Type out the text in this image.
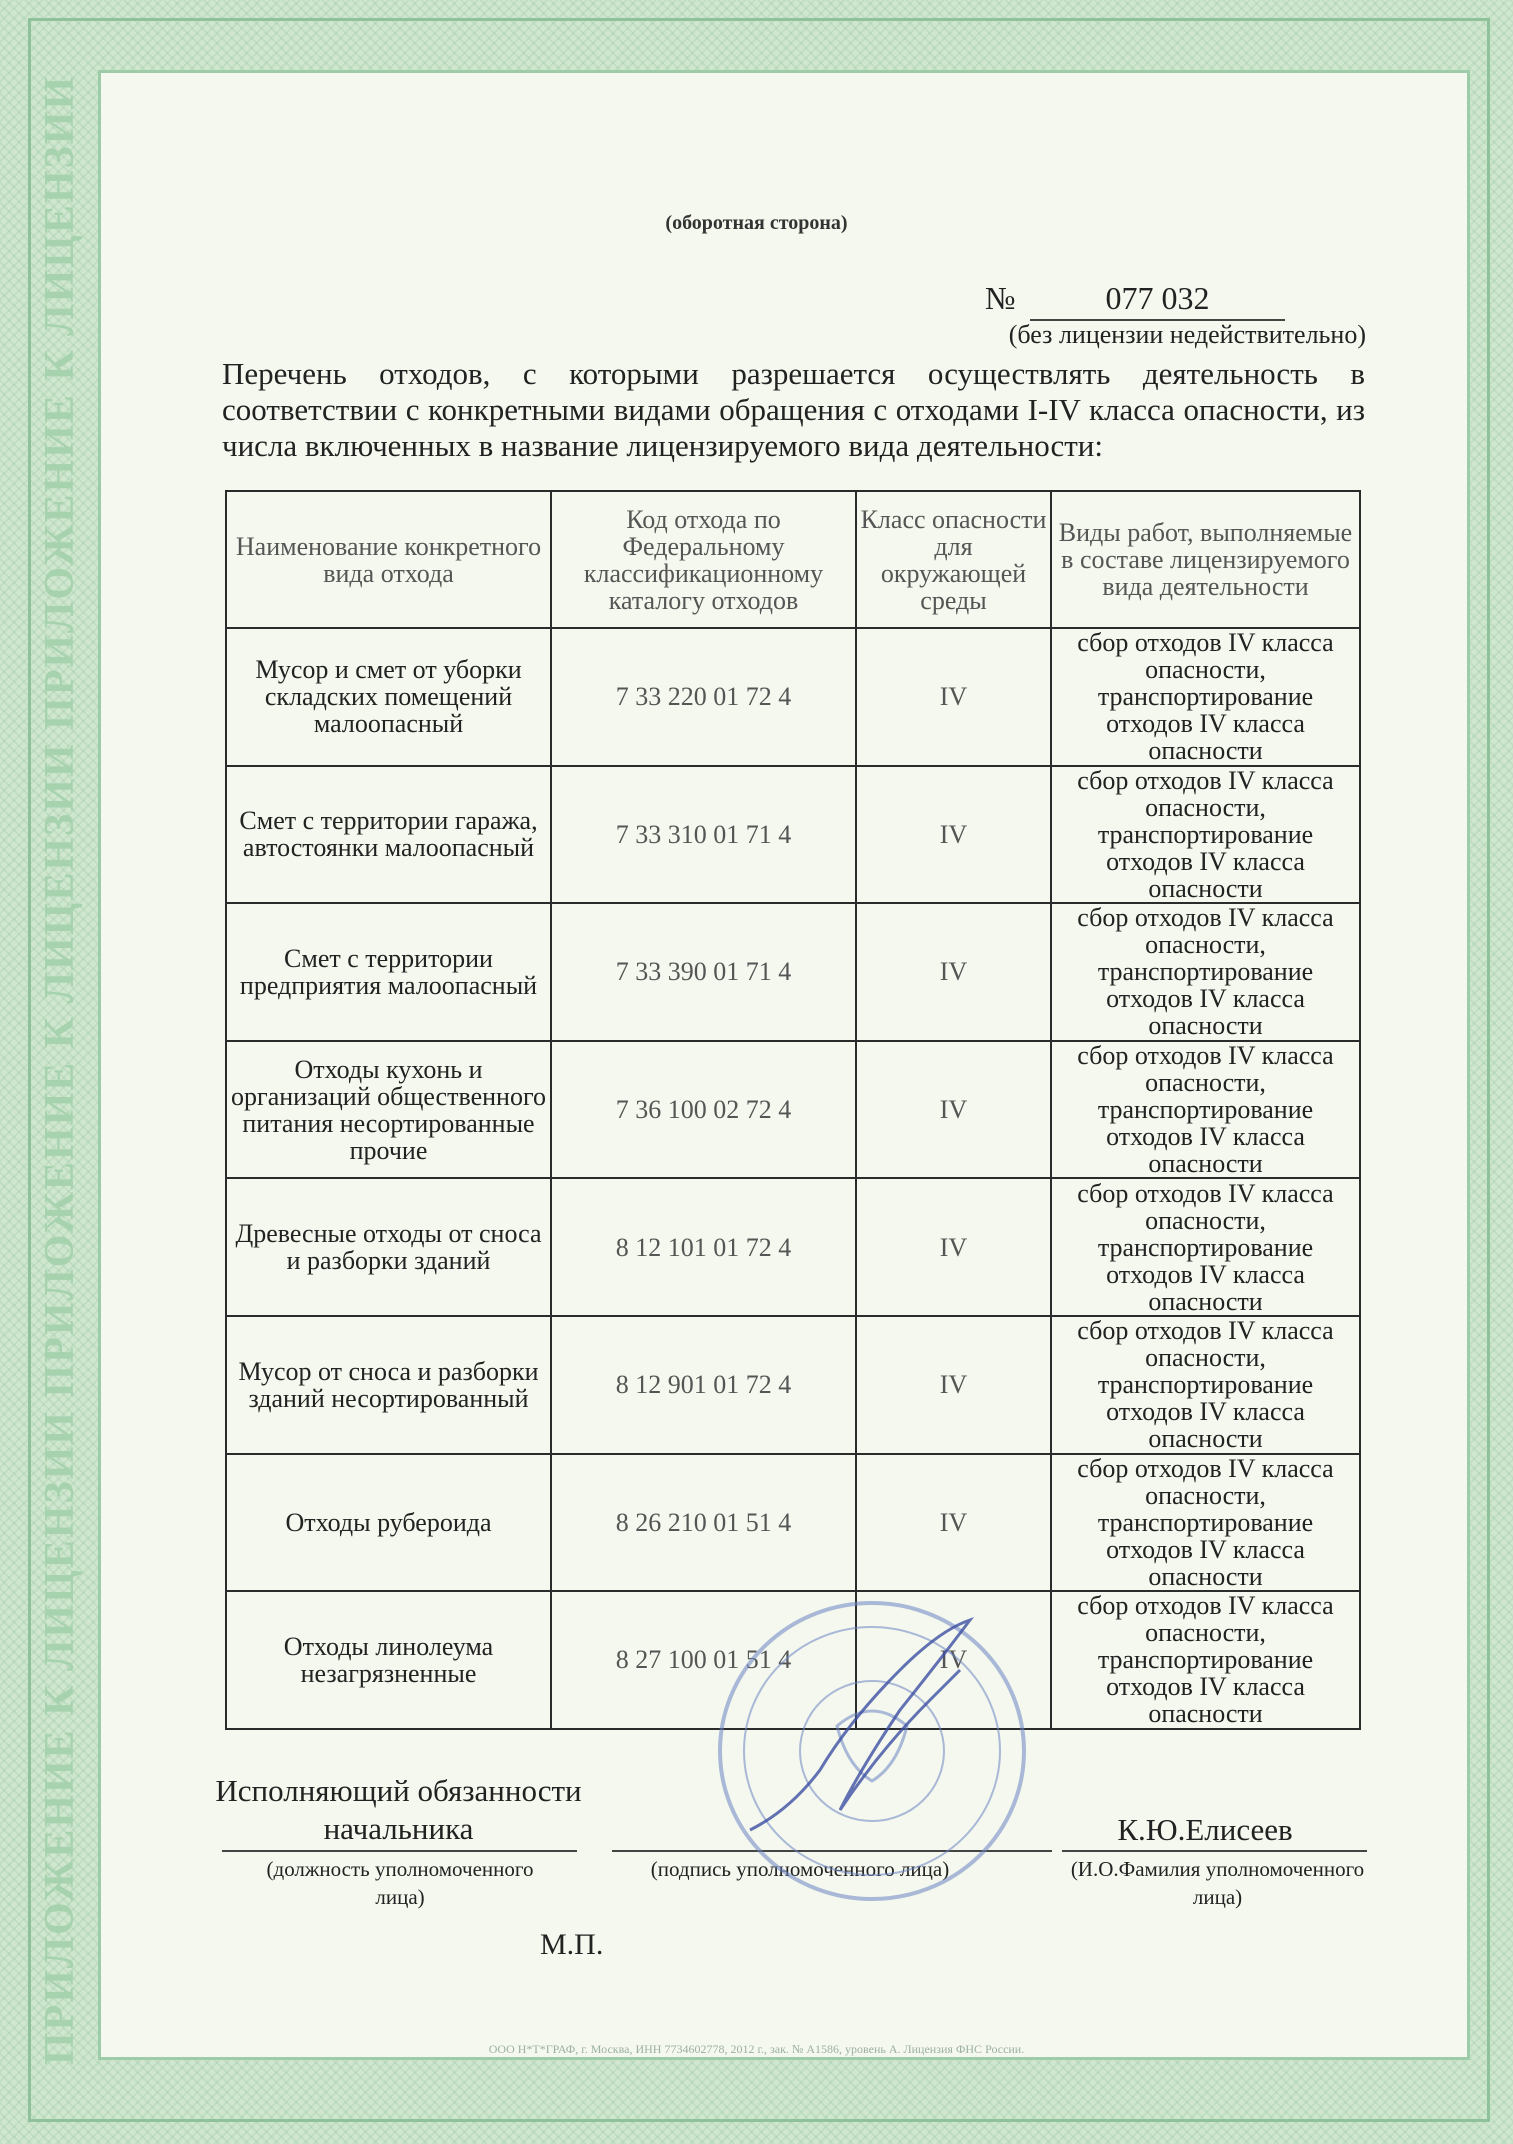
ПРИЛОЖЕНИЕ К ЛИЦЕНЗИИ ПРИЛОЖЕНИЕ К ЛИЦЕНЗИИ ПРИЛОЖЕНИЕ К ЛИЦЕНЗИИ	(оборотная сторона)
№	077 032
(без лицензии недействительно)
Перечень отходов, с которыми разрешается осуществлять деятельность в соответствии с конкретными видами обращения с отходами I-IV класса опасности, из числа включенных в название лицензируемого вида деятельности:
Наименование конкретного вида отхода	Код отхода по Федеральному классификационному каталогу отходов	Класс опасности для окружающей среды	Виды работ, выполняемые в составе лицензируемого вида деятельности
Мусор и смет от уборки складских помещений малоопасный	7 33 220 01 72 4	IV	сбор отходов IV класса опасности, транспортирование отходов IV класса опасности
Смет с территории гаража, автостоянки малоопасный	7 33 310 01 71 4	IV	сбор отходов IV класса опасности, транспортирование отходов IV класса опасности
Смет с территории предприятия малоопасный	7 33 390 01 71 4	IV	сбор отходов IV класса опасности, транспортирование отходов IV класса опасности
Отходы кухонь и организаций общественного питания несортированные прочие	7 36 100 02 72 4	IV	сбор отходов IV класса опасности, транспортирование отходов IV класса опасности
Древесные отходы от сноса и разборки зданий	8 12 101 01 72 4	IV	сбор отходов IV класса опасности, транспортирование отходов IV класса опасности
Мусор от сноса и разборки зданий несортированный	8 12 901 01 72 4	IV	сбор отходов IV класса опасности, транспортирование отходов IV класса опасности
Отходы рубероида	8 26 210 01 51 4	IV	сбор отходов IV класса опасности, транспортирование отходов IV класса опасности
Отходы линолеума незагрязненные	8 27 100 01 51 4	IV	сбор отходов IV класса опасности, транспортирование отходов IV класса опасности
Исполняющий обязанности начальника
(должность уполномоченного лица)
(подпись уполномоченного лица)
К.Ю.Елисеев
(И.О.Фамилия уполномоченного лица)
М.П.
ООО Н*Т*ГРАФ, г. Москва, ИНН 7734602778, 2012 г., зак. № А1586, уровень А. Лицензия ФНС России.
